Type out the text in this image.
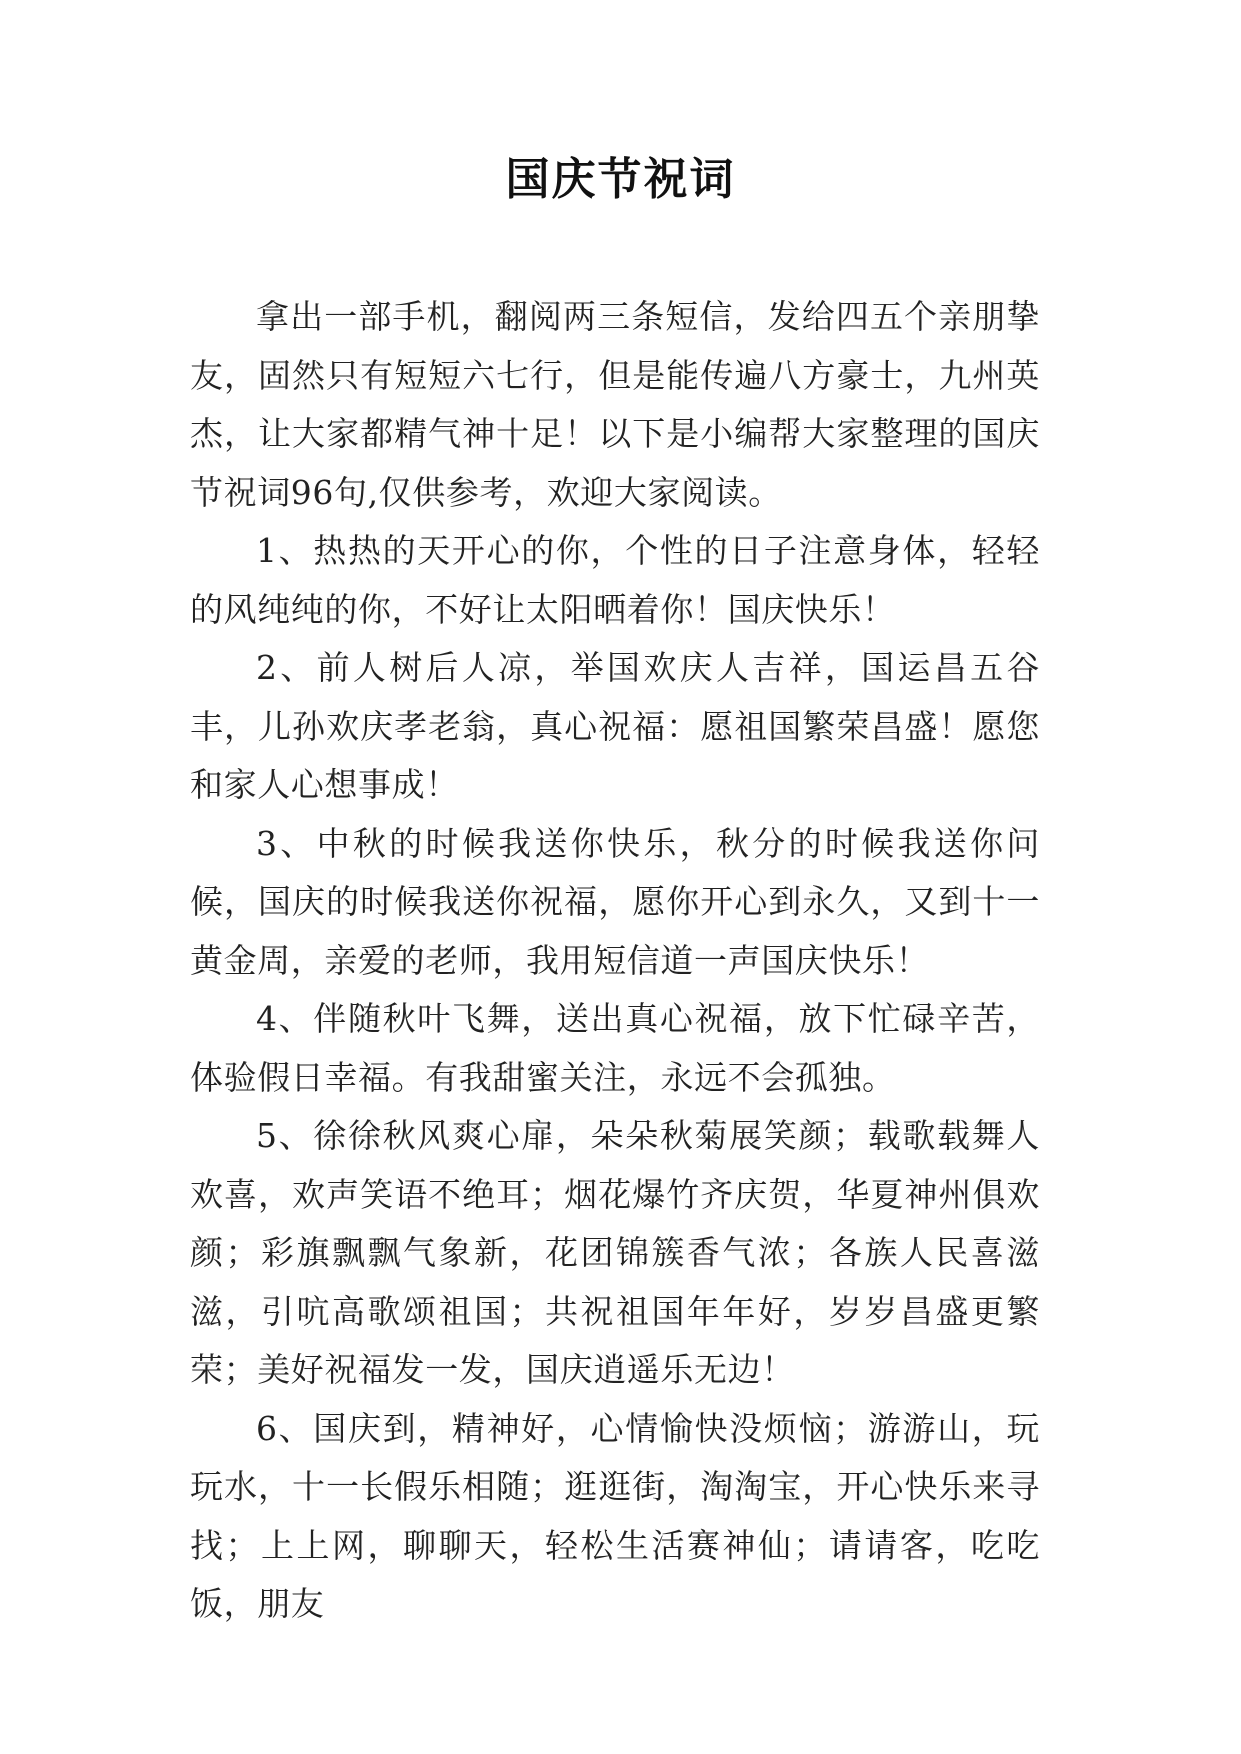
国庆节祝词

拿出一部手机，翻阅两三条短信，发给四五个亲朋挚友，固然只有短短六七行，但是能传遍八方豪士，九州英杰，让大家都精气神十足！以下是小编帮大家整理的国庆节祝词96句,仅供参考，欢迎大家阅读。

1、热热的天开心的你，个性的日子注意身体，轻轻的风纯纯的你，不好让太阳晒着你！国庆快乐！

2、前人树后人凉，举国欢庆人吉祥，国运昌五谷丰，儿孙欢庆孝老翁，真心祝福：愿祖国繁荣昌盛！愿您和家人心想事成！

3、中秋的时候我送你快乐，秋分的时候我送你问候，国庆的时候我送你祝福，愿你开心到永久，又到十一黄金周，亲爱的老师，我用短信道一声国庆快乐！

4、伴随秋叶飞舞，送出真心祝福，放下忙碌辛苦，体验假日幸福。有我甜蜜关注，永远不会孤独。

5、徐徐秋风爽心扉，朵朵秋菊展笑颜；载歌载舞人欢喜，欢声笑语不绝耳；烟花爆竹齐庆贺，华夏神州俱欢颜；彩旗飘飘气象新，花团锦簇香气浓；各族人民喜滋滋，引吭高歌颂祖国；共祝祖国年年好，岁岁昌盛更繁荣；美好祝福发一发，国庆逍遥乐无边！

6、国庆到，精神好，心情愉快没烦恼；游游山，玩玩水，十一长假乐相随；逛逛街，淘淘宝，开心快乐来寻找；上上网，聊聊天，轻松生活赛神仙；请请客，吃吃饭，朋友
